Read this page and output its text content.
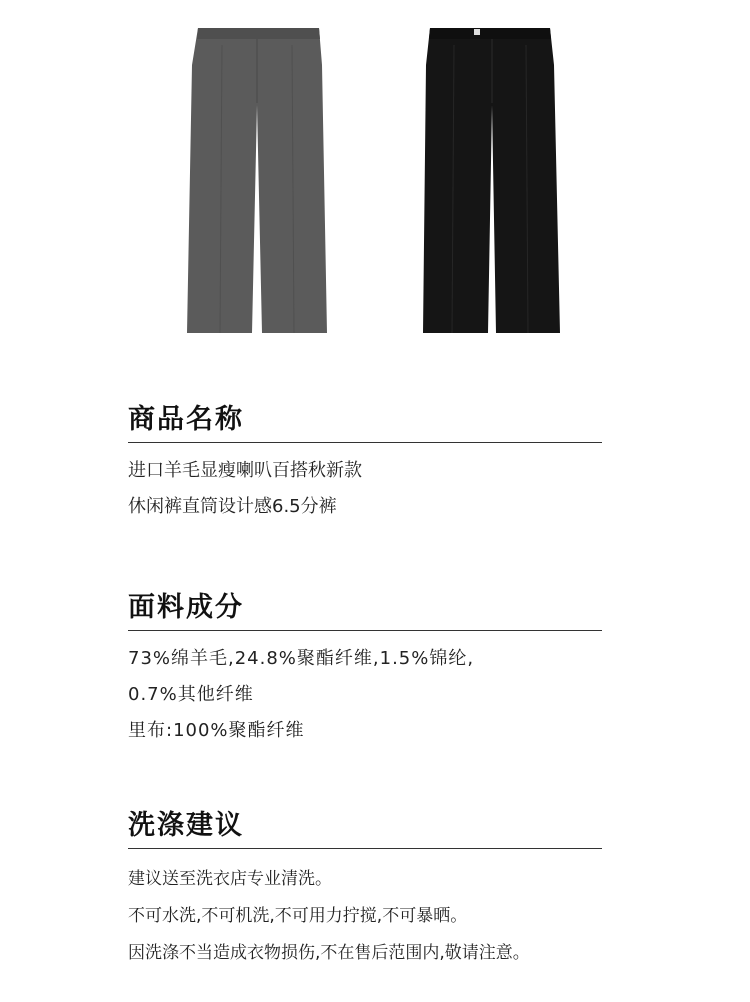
商品名称
进口羊毛显瘦喇叭百搭秋新款
休闲裤直筒设计感6.5分裤
面料成分
73%绵羊毛,24.8%聚酯纤维,1.5%锦纶,
0.7%其他纤维
里布:100%聚酯纤维
洗涤建议
建议送至洗衣店专业清洗。
不可水洗,不可机洗,不可用力拧搅,不可暴晒。
因洗涤不当造成衣物损伤,不在售后范围内,敬请注意。
